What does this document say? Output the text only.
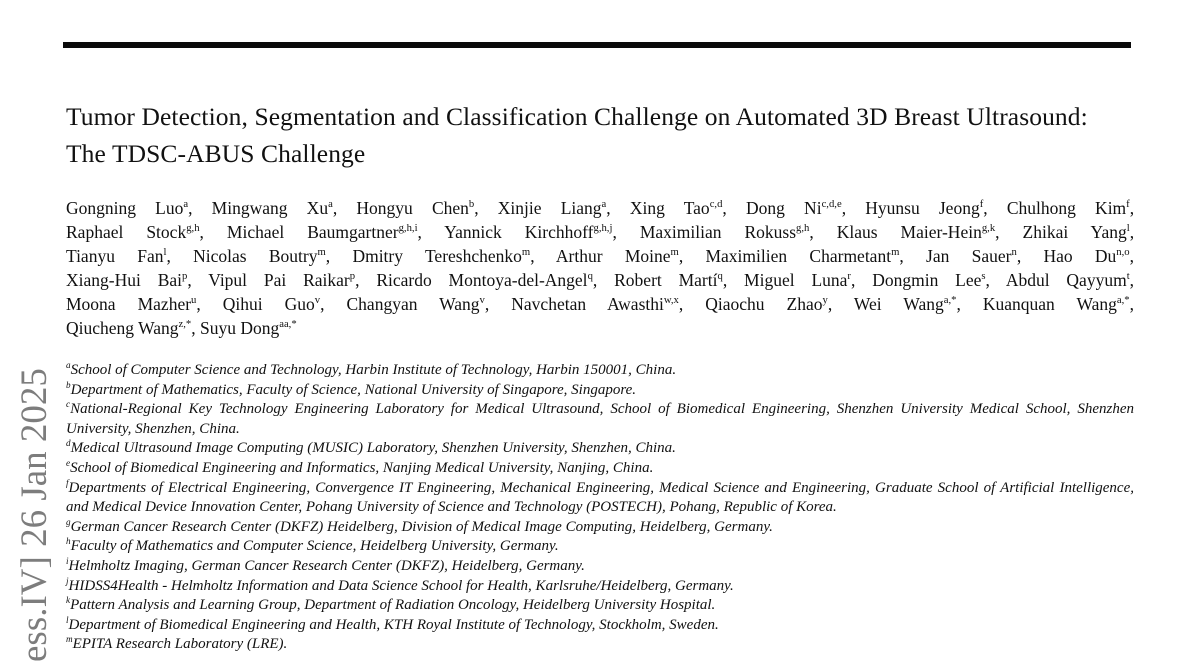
Tumor Detection, Segmentation and Classification Challenge on Automated 3D Breast Ultrasound: The TDSC-ABUS Challenge
Gongning Luo$^a$, Mingwang Xu$^a$, Hongyu Chen$^b$, Xinjie Liang$^a$, Xing Tao$^{c,d}$, Dong Ni$^{c,d,e}$, Hyunsu Jeong$^f$, Chulhong Kim$^f$,
Raphael Stock$^{g,h}$, Michael Baumgartner$^{g,h,i}$, Yannick Kirchhoff$^{g,h,j}$, Maximilian Rokuss$^{g,h}$, Klaus Maier-Hein$^{g,k}$, Zhikai Yang$^l$,
Tianyu Fan$^l$, Nicolas Boutry$^m$, Dmitry Tereshchenko$^m$, Arthur Moine$^m$, Maximilien Charmetant$^m$, Jan Sauer$^n$, Hao Du$^{n,o}$,
Xiang-Hui Bai$^p$, Vipul Pai Raikar$^p$, Ricardo Montoya-del-Angel$^q$, Robert Martí$^q$, Miguel Luna$^r$, Dongmin Lee$^s$, Abdul Qayyum$^t$,
Moona Mazher$^u$, Qihui Guo$^v$, Changyan Wang$^v$, Navchetan Awasthi$^{w,x}$, Qiaochu Zhao$^y$, Wei Wang$^{a,*}$, Kuanquan Wang$^{a,*}$,
Qiucheng Wang$^{z,*}$, Suyu Dong$^{aa,*}$
$^a$School of Computer Science and Technology, Harbin Institute of Technology, Harbin 150001, China.
$^b$Department of Mathematics, Faculty of Science, National University of Singapore, Singapore.
$^c$National-Regional Key Technology Engineering Laboratory for Medical Ultrasound, School of Biomedical Engineering, Shenzhen University Medical School, Shenzhen University, Shenzhen, China.
$^d$Medical Ultrasound Image Computing (MUSIC) Laboratory, Shenzhen University, Shenzhen, China.
$^e$School of Biomedical Engineering and Informatics, Nanjing Medical University, Nanjing, China.
$^f$Departments of Electrical Engineering, Convergence IT Engineering, Mechanical Engineering, Medical Science and Engineering, Graduate School of Artificial Intelligence, and Medical Device Innovation Center, Pohang University of Science and Technology (POSTECH), Pohang, Republic of Korea.
$^g$German Cancer Research Center (DKFZ) Heidelberg, Division of Medical Image Computing, Heidelberg, Germany.
$^h$Faculty of Mathematics and Computer Science, Heidelberg University, Germany.
$^i$Helmholtz Imaging, German Cancer Research Center (DKFZ), Heidelberg, Germany.
$^j$HIDSS4Health - Helmholtz Information and Data Science School for Health, Karlsruhe/Heidelberg, Germany.
$^k$Pattern Analysis and Learning Group, Department of Radiation Oncology, Heidelberg University Hospital.
$^l$Department of Biomedical Engineering and Health, KTH Royal Institute of Technology, Stockholm, Sweden.
$^m$EPITA Research Laboratory (LRE).
ess.IV] 26 Jan 2025
